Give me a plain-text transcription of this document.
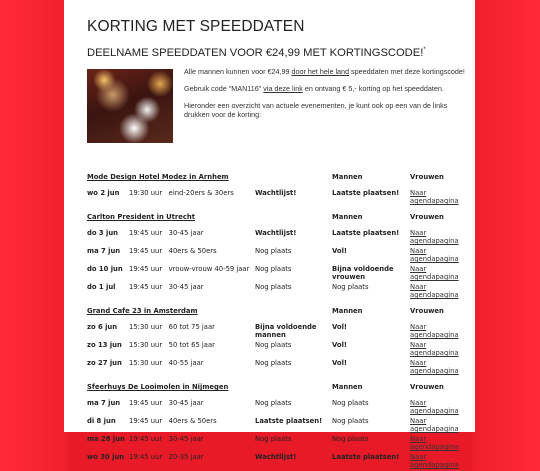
KORTING MET SPEEDDATEN
DEELNAME SPEEDDATEN VOOR €24,99 MET KORTINGSCODE!*

Alle mannen kunnen voor €24,99 door het hele land speeddaten met deze kortingscode!

Gebruik code "MAN116" via deze link en ontvang € 5,- korting op het speeddaten.

Hieronder een overzicht van actuele evenementen, je kunt ook op een van de links drukken voor de korting:

Mode Design Hotel Modez in Arnhem			Mannen	Vrouwen	
wo 2 jun	19:30 uur eind-20ers & 30ers	Wachtlijst!	Laatste plaatsen!	Naar agendapagina	

Carlton President in Utrecht			Mannen	Vrouwen	
do 3 jun	19:45 uur 30-45 jaar	Wachtlijst!	Laatste plaatsen!	Naar agendapagina	
ma 7 jun	19:45 uur 40ers & 50ers	Nog plaats	Vol!	Naar agendapagina	
do 10 jun	19:45 uur vrouw-vrouw 40-59 jaar	Nog plaats	Bijna voldoende vrouwen	Naar agendapagina	
do 1 jul	19:45 uur 30-45 jaar	Nog plaats	Nog plaats	Naar agendapagina	

Grand Cafe 23 in Amsterdam			Mannen	Vrouwen	
zo 6 jun	15:30 uur 60 tot 75 jaar	Bijna voldoende mannen	Vol!	Naar agendapagina	
zo 13 jun	15:30 uur 50 tot 65 jaar	Nog plaats	Vol!	Naar agendapagina	
zo 27 jun	15:30 uur 40-55 jaar	Nog plaats	Vol!	Naar agendapagina	

Sfeerhuys De Looimolen in Nijmegen			Mannen	Vrouwen	
ma 7 jun	19:45 uur 30-45 jaar	Nog plaats	Nog plaats	Naar agendapagina	
di 8 jun	19:45 uur 40ers & 50ers	Laatste plaatsen!	Nog plaats	Naar agendapagina	
ma 28 jun	19:45 uur 30-45 jaar	Nog plaats	Nog plaats	Naar agendapagina	
wo 30 jun	19:45 uur 20-35 jaar	Wachtlijst!	Laatste plaatsen!	Naar agendapagina	
